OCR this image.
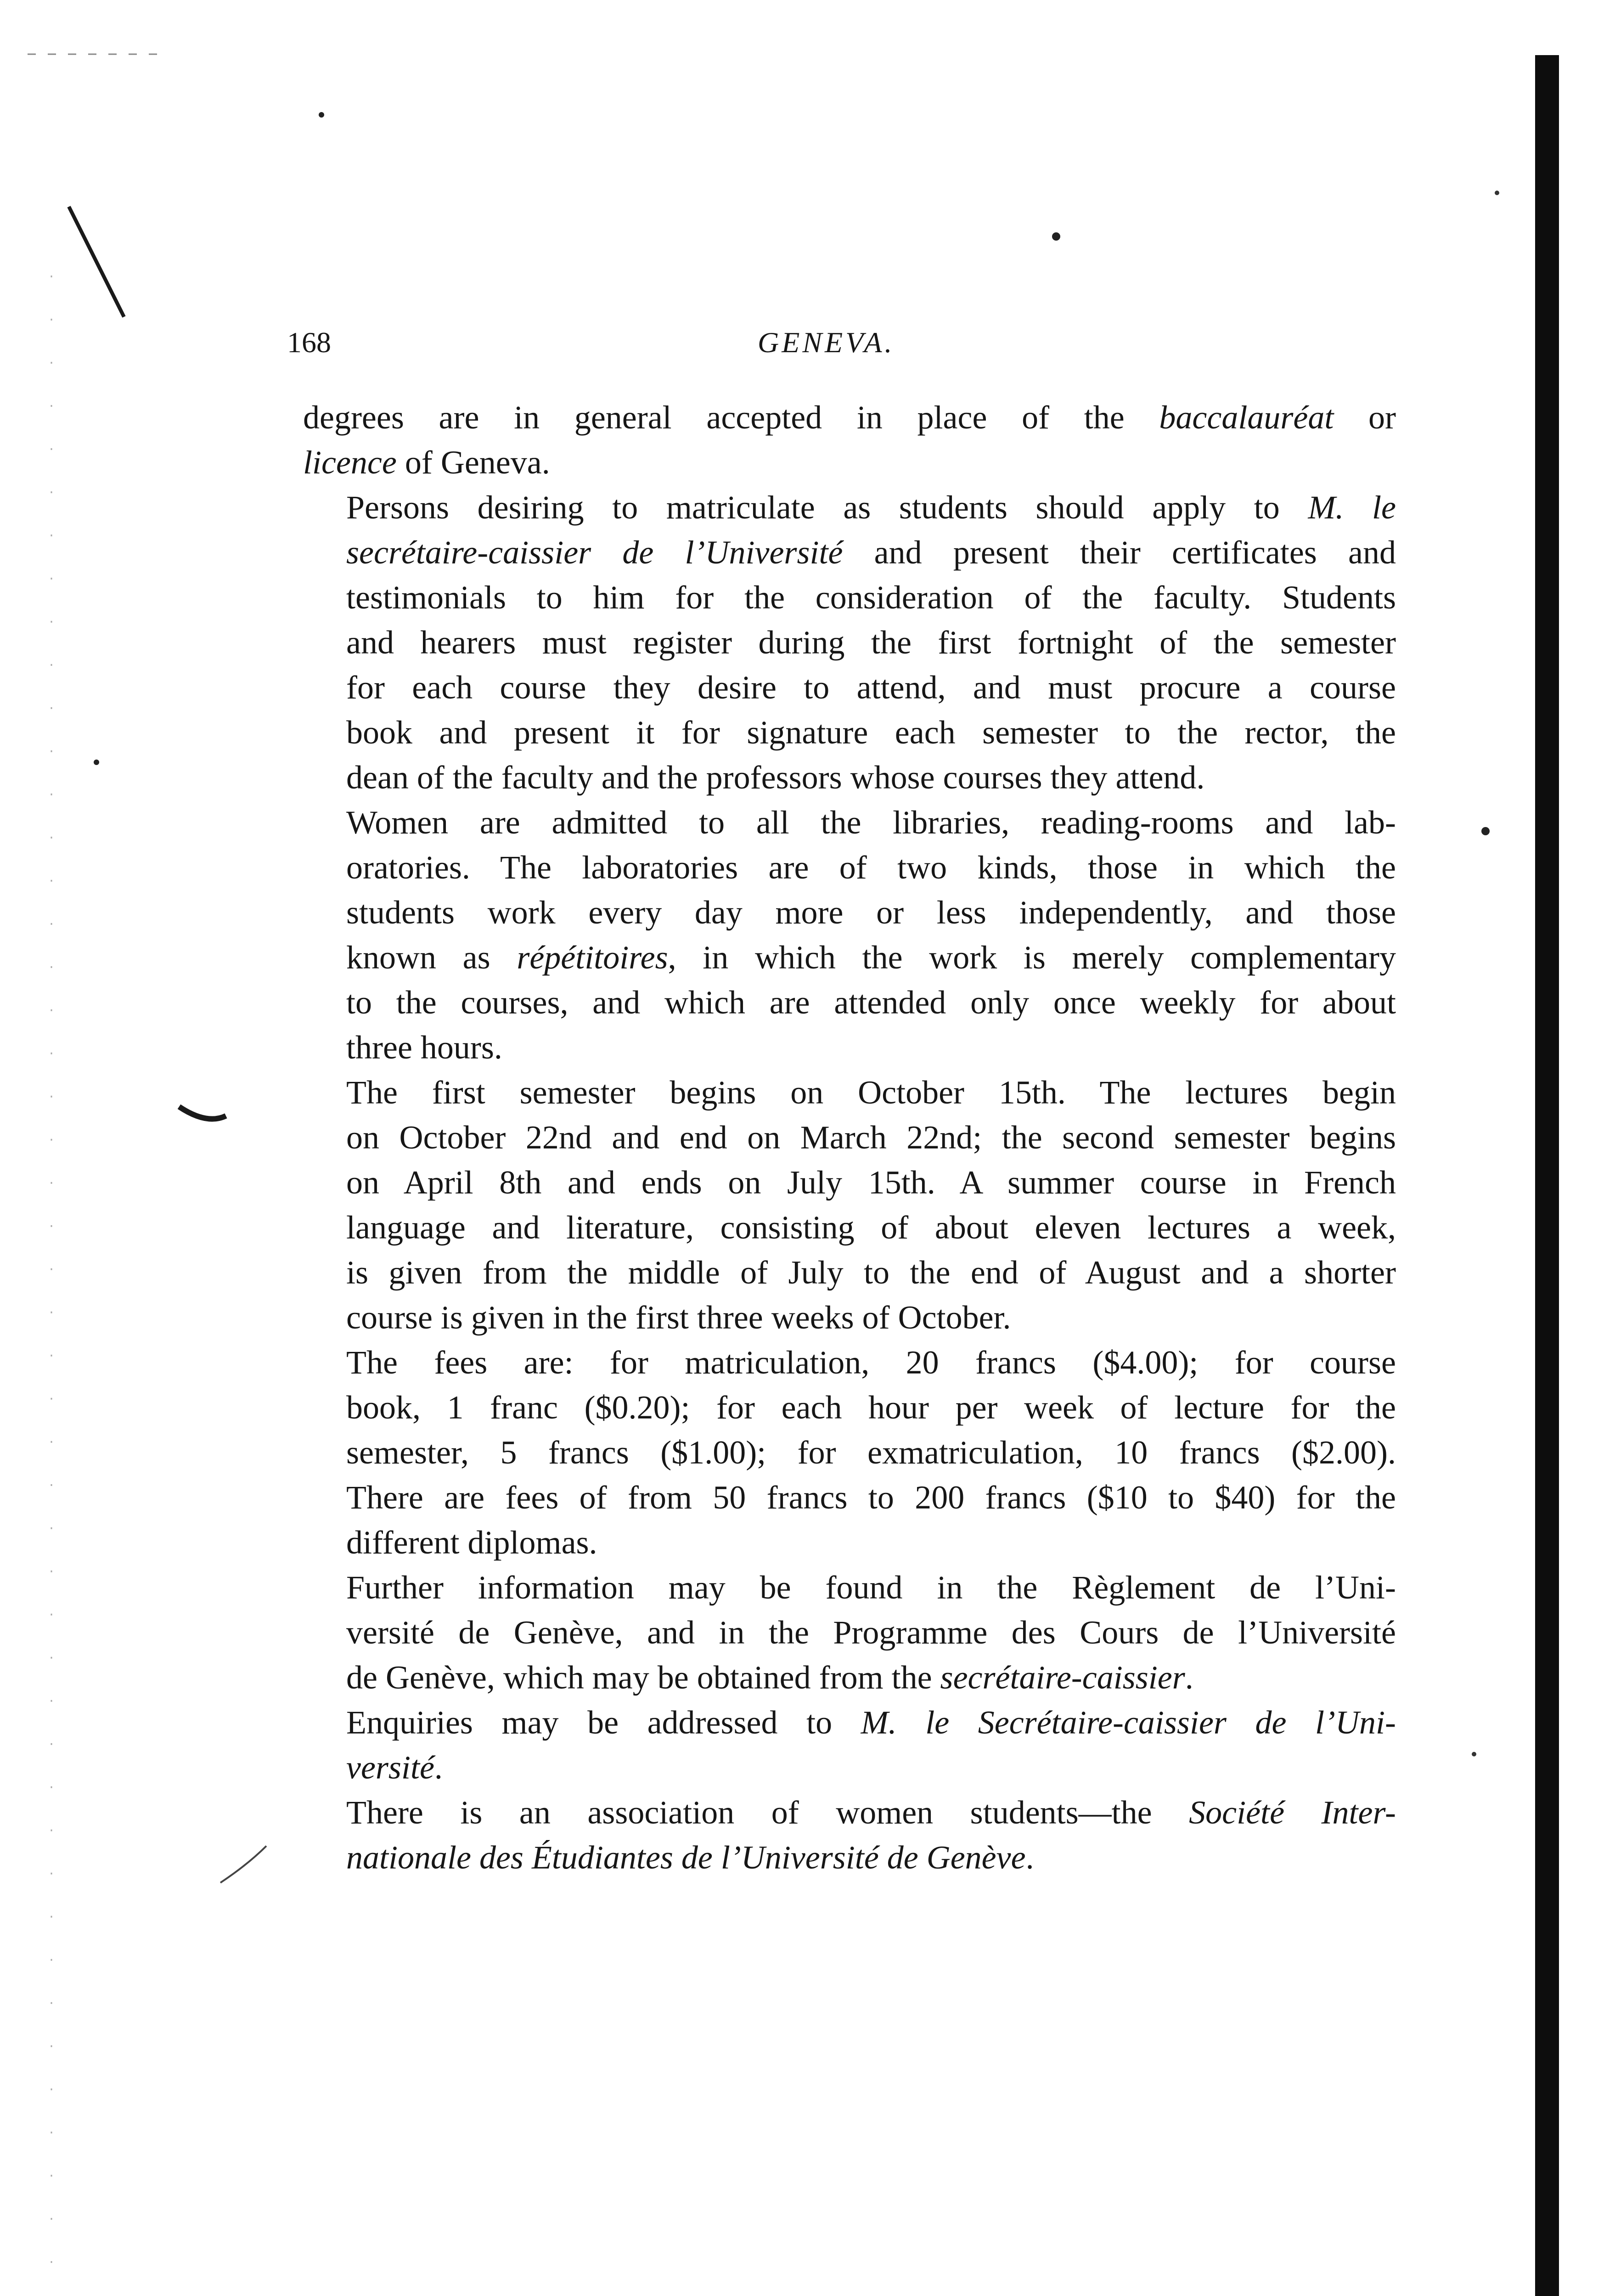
168	GENEVA.

degrees are in general accepted in place of the baccalauréat or
licence of Geneva.

Persons desiring to matriculate as students should apply to M. le
secrétaire-caissier de l’Université and present their certificates and
testimonials to him for the consideration of the faculty. Students
and hearers must register during the first fortnight of the semester
for each course they desire to attend, and must procure a course
book and present it for signature each semester to the rector, the
dean of the faculty and the professors whose courses they attend.

Women are admitted to all the libraries, reading-rooms and lab-
oratories. The laboratories are of two kinds, those in which the
students work every day more or less independently, and those
known as répétitoires, in which the work is merely complementary
to the courses, and which are attended only once weekly for about
three hours.

The first semester begins on October 15th. The lectures begin
on October 22nd and end on March 22nd; the second semester begins
on April 8th and ends on July 15th. A summer course in French
language and literature, consisting of about eleven lectures a week,
is given from the middle of July to the end of August and a shorter
course is given in the first three weeks of October.

The fees are: for matriculation, 20 francs ($4.00); for course
book, 1 franc ($0.20); for each hour per week of lecture for the
semester, 5 francs ($1.00); for exmatriculation, 10 francs ($2.00).
There are fees of from 50 francs to 200 francs ($10 to $40) for the
different diplomas.

Further information may be found in the Règlement de l’Uni-
versité de Genève, and in the Programme des Cours de l’Université
de Genève, which may be obtained from the secrétaire-caissier.

Enquiries may be addressed to M. le Secrétaire-caissier de l’Uni-
versité.

There is an association of women students—the Société Inter-
nationale des Étudiantes de l’Université de Genève.
